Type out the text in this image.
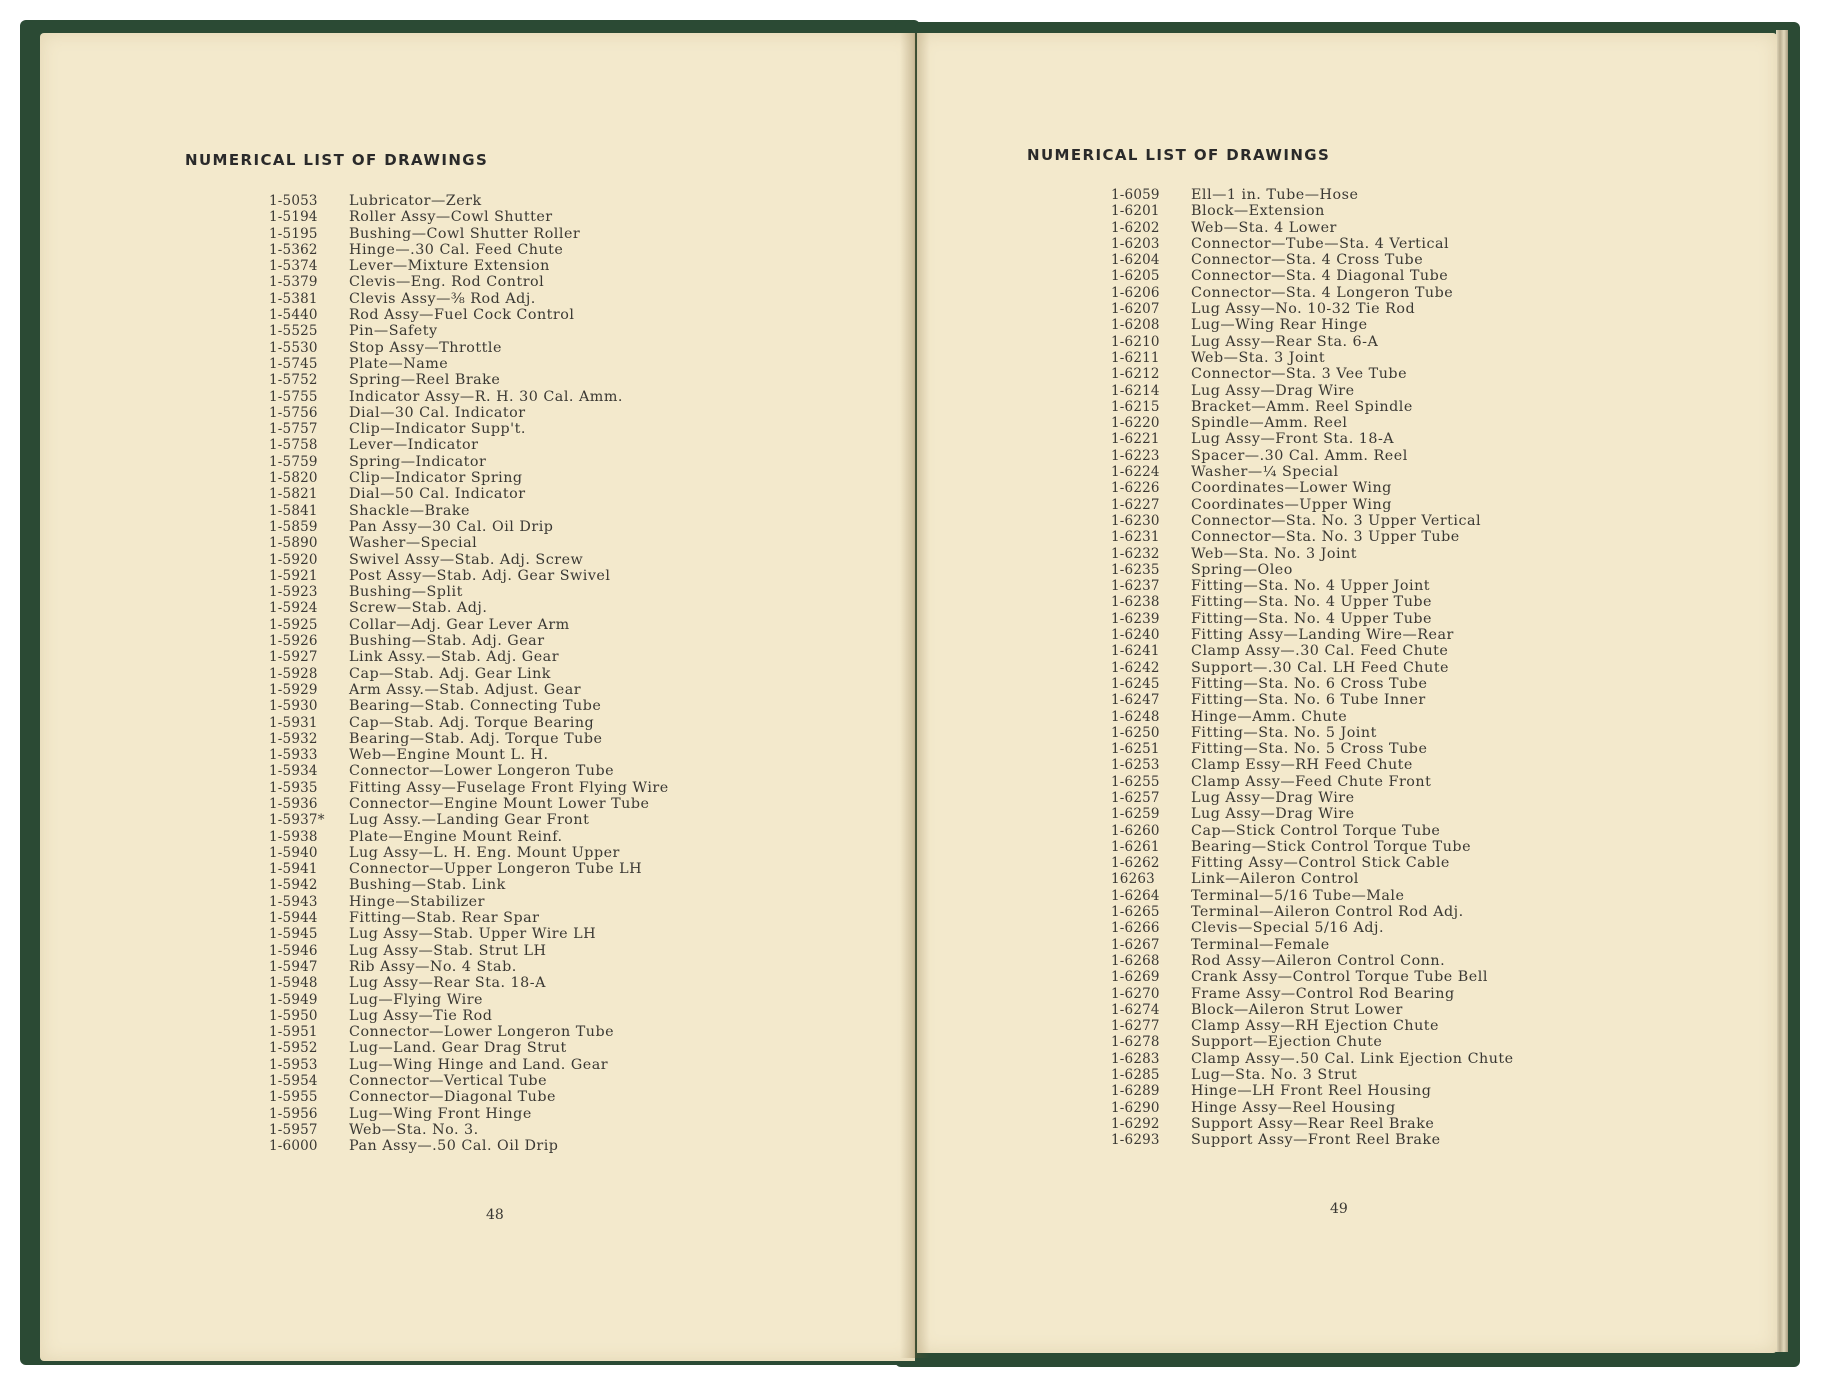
NUMERICAL LIST OF DRAWINGS
1-5053	Lubricator—Zerk
1-5194	Roller Assy—Cowl Shutter
1-5195	Bushing—Cowl Shutter Roller
1-5362	Hinge—.30 Cal. Feed Chute
1-5374	Lever—Mixture Extension
1-5379	Clevis—Eng. Rod Control
1-5381	Clevis Assy—⅜ Rod Adj.
1-5440	Rod Assy—Fuel Cock Control
1-5525	Pin—Safety
1-5530	Stop Assy—Throttle
1-5745	Plate—Name
1-5752	Spring—Reel Brake
1-5755	Indicator Assy—R. H. 30 Cal. Amm.
1-5756	Dial—30 Cal. Indicator
1-5757	Clip—Indicator Supp't.
1-5758	Lever—Indicator
1-5759	Spring—Indicator
1-5820	Clip—Indicator Spring
1-5821	Dial—50 Cal. Indicator
1-5841	Shackle—Brake
1-5859	Pan Assy—30 Cal. Oil Drip
1-5890	Washer—Special
1-5920	Swivel Assy—Stab. Adj. Screw
1-5921	Post Assy—Stab. Adj. Gear Swivel
1-5923	Bushing—Split
1-5924	Screw—Stab. Adj.
1-5925	Collar—Adj. Gear Lever Arm
1-5926	Bushing—Stab. Adj. Gear
1-5927	Link Assy.—Stab. Adj. Gear
1-5928	Cap—Stab. Adj. Gear Link
1-5929	Arm Assy.—Stab. Adjust. Gear
1-5930	Bearing—Stab. Connecting Tube
1-5931	Cap—Stab. Adj. Torque Bearing
1-5932	Bearing—Stab. Adj. Torque Tube
1-5933	Web—Engine Mount L. H.
1-5934	Connector—Lower Longeron Tube
1-5935	Fitting Assy—Fuselage Front Flying Wire
1-5936	Connector—Engine Mount Lower Tube
1-5937*	Lug Assy.—Landing Gear Front
1-5938	Plate—Engine Mount Reinf.
1-5940	Lug Assy—L. H. Eng. Mount Upper
1-5941	Connector—Upper Longeron Tube LH
1-5942	Bushing—Stab. Link
1-5943	Hinge—Stabilizer
1-5944	Fitting—Stab. Rear Spar
1-5945	Lug Assy—Stab. Upper Wire LH
1-5946	Lug Assy—Stab. Strut LH
1-5947	Rib Assy—No. 4 Stab.
1-5948	Lug Assy—Rear Sta. 18-A
1-5949	Lug—Flying Wire
1-5950	Lug Assy—Tie Rod
1-5951	Connector—Lower Longeron Tube
1-5952	Lug—Land. Gear Drag Strut
1-5953	Lug—Wing Hinge and Land. Gear
1-5954	Connector—Vertical Tube
1-5955	Connector—Diagonal Tube
1-5956	Lug—Wing Front Hinge
1-5957	Web—Sta. No. 3.
1-6000	Pan Assy—.50 Cal. Oil Drip
48
NUMERICAL LIST OF DRAWINGS
1-6059	Ell—1 in. Tube—Hose
1-6201	Block—Extension
1-6202	Web—Sta. 4 Lower
1-6203	Connector—Tube—Sta. 4 Vertical
1-6204	Connector—Sta. 4 Cross Tube
1-6205	Connector—Sta. 4 Diagonal Tube
1-6206	Connector—Sta. 4 Longeron Tube
1-6207	Lug Assy—No. 10-32 Tie Rod
1-6208	Lug—Wing Rear Hinge
1-6210	Lug Assy—Rear Sta. 6-A
1-6211	Web—Sta. 3 Joint
1-6212	Connector—Sta. 3 Vee Tube
1-6214	Lug Assy—Drag Wire
1-6215	Bracket—Amm. Reel Spindle
1-6220	Spindle—Amm. Reel
1-6221	Lug Assy—Front Sta. 18-A
1-6223	Spacer—.30 Cal. Amm. Reel
1-6224	Washer—¼ Special
1-6226	Coordinates—Lower Wing
1-6227	Coordinates—Upper Wing
1-6230	Connector—Sta. No. 3 Upper Vertical
1-6231	Connector—Sta. No. 3 Upper Tube
1-6232	Web—Sta. No. 3 Joint
1-6235	Spring—Oleo
1-6237	Fitting—Sta. No. 4 Upper Joint
1-6238	Fitting—Sta. No. 4 Upper Tube
1-6239	Fitting—Sta. No. 4 Upper Tube
1-6240	Fitting Assy—Landing Wire—Rear
1-6241	Clamp Assy—.30 Cal. Feed Chute
1-6242	Support—.30 Cal. LH Feed Chute
1-6245	Fitting—Sta. No. 6 Cross Tube
1-6247	Fitting—Sta. No. 6 Tube Inner
1-6248	Hinge—Amm. Chute
1-6250	Fitting—Sta. No. 5 Joint
1-6251	Fitting—Sta. No. 5 Cross Tube
1-6253	Clamp Essy—RH Feed Chute
1-6255	Clamp Assy—Feed Chute Front
1-6257	Lug Assy—Drag Wire
1-6259	Lug Assy—Drag Wire
1-6260	Cap—Stick Control Torque Tube
1-6261	Bearing—Stick Control Torque Tube
1-6262	Fitting Assy—Control Stick Cable
16263	Link—Aileron Control
1-6264	Terminal—5/16 Tube—Male
1-6265	Terminal—Aileron Control Rod Adj.
1-6266	Clevis—Special 5/16 Adj.
1-6267	Terminal—Female
1-6268	Rod Assy—Aileron Control Conn.
1-6269	Crank Assy—Control Torque Tube Bell
1-6270	Frame Assy—Control Rod Bearing
1-6274	Block—Aileron Strut Lower
1-6277	Clamp Assy—RH Ejection Chute
1-6278	Support—Ejection Chute
1-6283	Clamp Assy—.50 Cal. Link Ejection Chute
1-6285	Lug—Sta. No. 3 Strut
1-6289	Hinge—LH Front Reel Housing
1-6290	Hinge Assy—Reel Housing
1-6292	Support Assy—Rear Reel Brake
1-6293	Support Assy—Front Reel Brake
49
